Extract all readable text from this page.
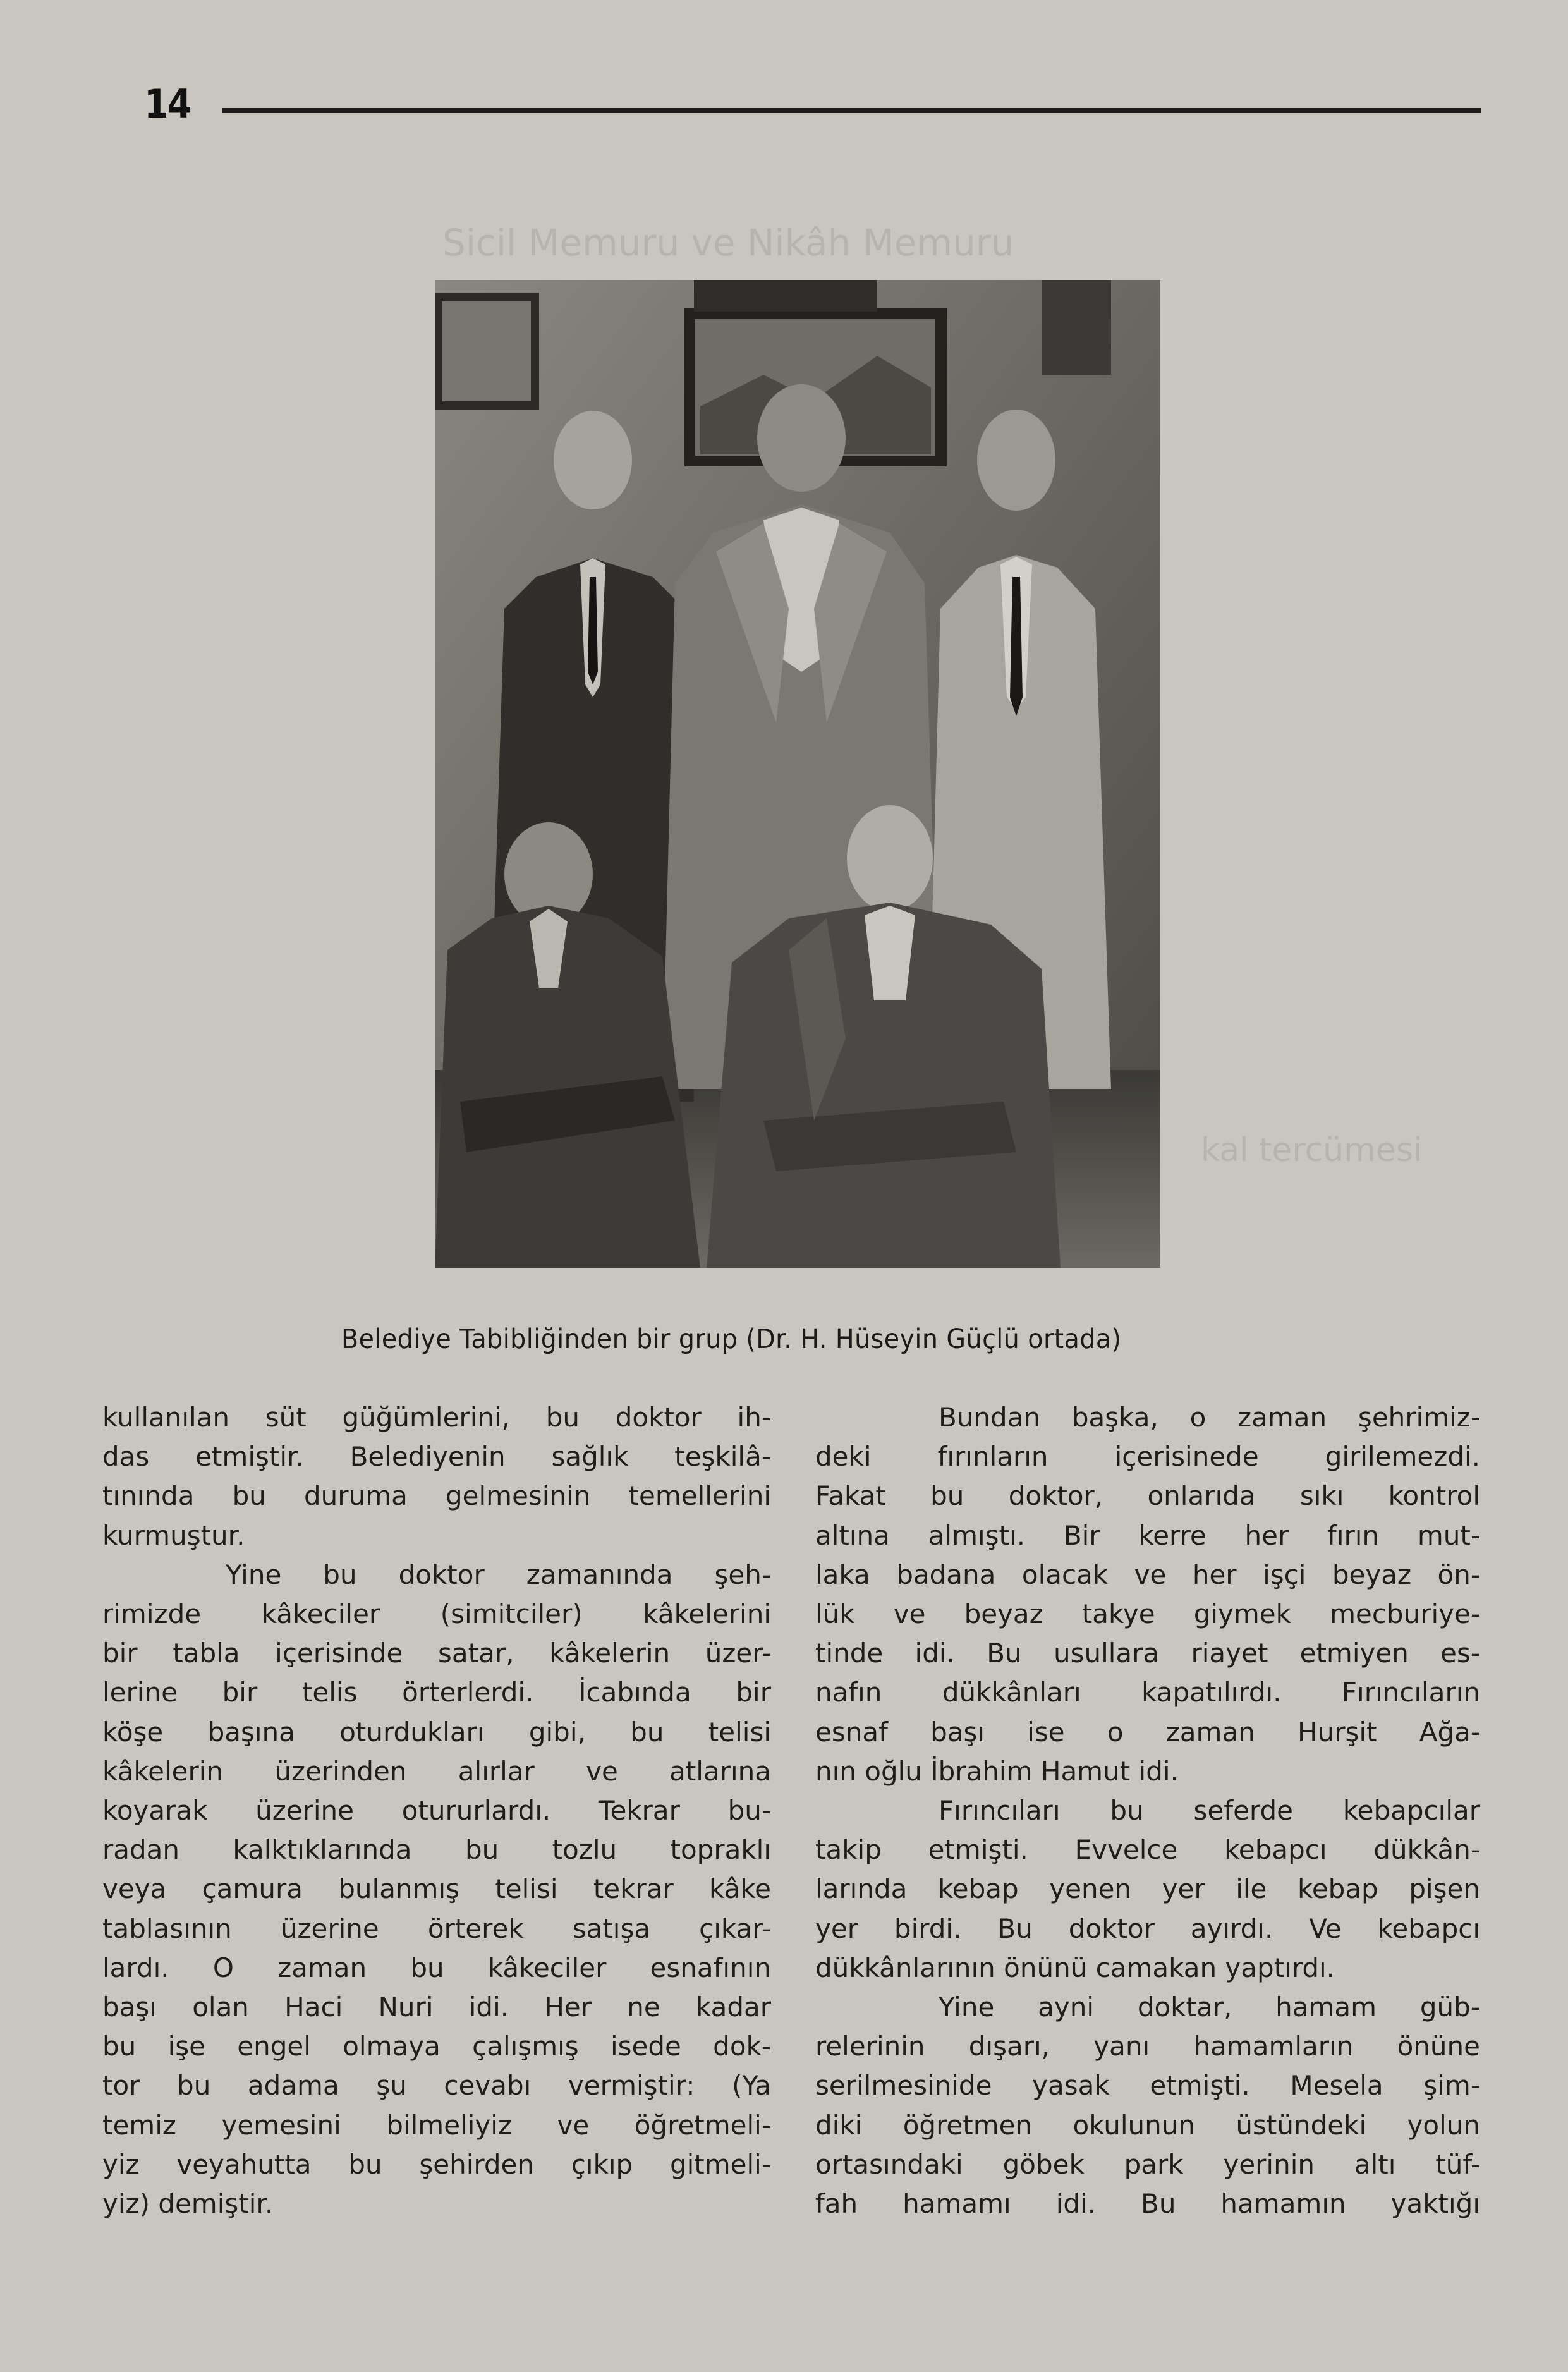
14
Sicil Memuru ve Nikâh Memuru
kal tercümesi
Belediye Tabibliğinden bir grup (Dr. H. Hüseyin Güçlü ortada)
kullanılan süt güğümlerini, bu doktor ih-
das etmiştir. Belediyenin sağlık teşkilâ-
tınında bu duruma gelmesinin temellerini
kurmuştur.
Yine bu doktor zamanında şeh-
rimizde kâkeciler (simitciler) kâkelerini
bir tabla içerisinde satar, kâkelerin üzer-
lerine bir telis örterlerdi. İcabında bir
köşe başına oturdukları gibi, bu telisi
kâkelerin üzerinden alırlar ve atlarına
koyarak üzerine otururlardı. Tekrar bu-
radan kalktıklarında bu tozlu topraklı
veya çamura bulanmış telisi tekrar kâke
tablasının üzerine örterek satışa çıkar-
lardı. O zaman bu kâkeciler esnafının
başı olan Haci Nuri idi. Her ne kadar
bu işe engel olmaya çalışmış isede dok-
tor bu adama şu cevabı vermiştir: (Ya
temiz yemesini bilmeliyiz ve öğretmeli-
yiz veyahutta bu şehirden çıkıp gitmeli-
yiz) demiştir.
Bundan başka, o zaman şehrimiz-
deki fırınların içerisinede girilemezdi.
Fakat bu doktor, onlarıda sıkı kontrol
altına almıştı. Bir kerre her fırın mut-
laka badana olacak ve her işçi beyaz ön-
lük ve beyaz takye giymek mecburiye-
tinde idi. Bu usullara riayet etmiyen es-
nafın dükkânları kapatılırdı. Fırıncıların
esnaf başı ise o zaman Hurşit Ağa-
nın oğlu İbrahim Hamut idi.
Fırıncıları bu seferde kebapcılar
takip etmişti. Evvelce kebapcı dükkân-
larında kebap yenen yer ile kebap pişen
yer birdi. Bu doktor ayırdı. Ve kebapcı
dükkânlarının önünü camakan yaptırdı.
Yine ayni doktar, hamam güb-
relerinin dışarı, yanı hamamların önüne
serilmesinide yasak etmişti. Mesela şim-
diki öğretmen okulunun üstündeki yolun
ortasındaki göbek park yerinin altı tüf-
fah hamamı idi. Bu hamamın yaktığı
